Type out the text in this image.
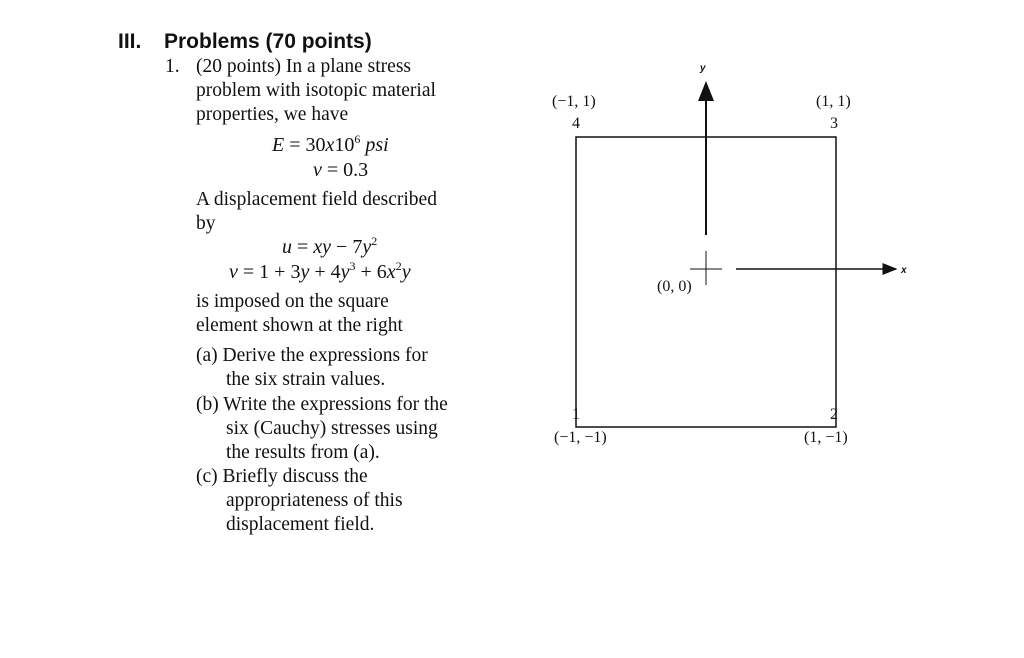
III. Problems (70 points)
1. (20 points) In a plane stress
problem with isotopic material
properties, we have
$E = 30x10^6$ psi
v = 0.3
A displacement field described
by
u = xy − $7y^2$
$v = 1 + 3y + 4y^3 + 6x^2y$
is imposed on the square
element shown at the right
(a) Derive the expressions for
the six strain values.
(b) Write the expressions for the
six (Cauchy) stresses using
the results from (a).
(c) Briefly discuss the
appropriateness of this
displacement field.
y
x
(0, 0)
(−1, 1)
4
(1, 1)
3
1
(−1, −1)
2
(1, −1)
